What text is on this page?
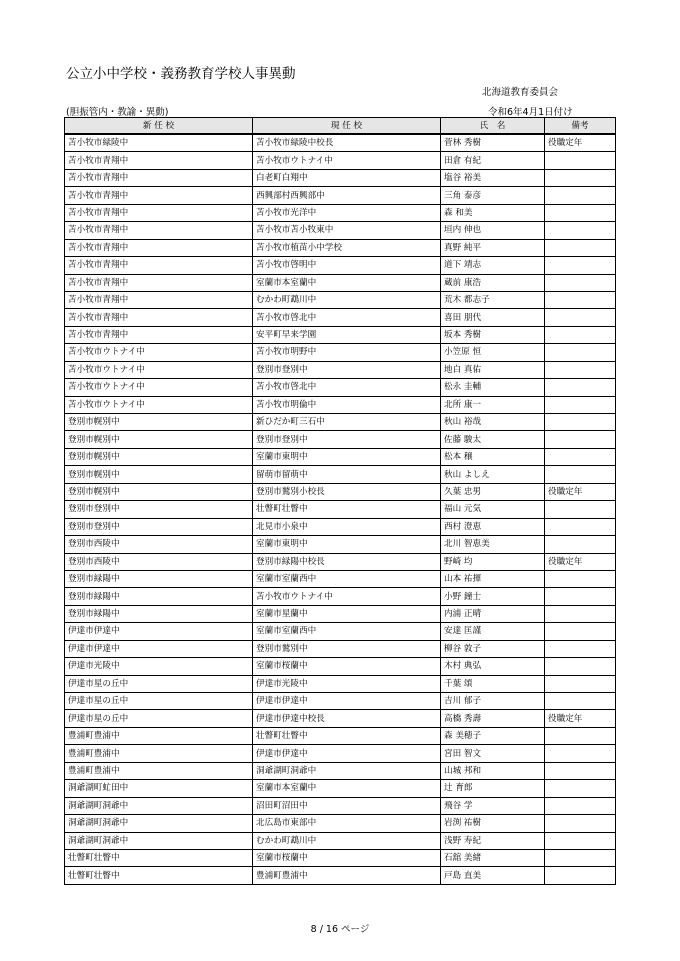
公立小中学校・義務教育学校人事異動
北海道教育委員会
(胆振管内・教諭・異動)	令和6年4月1日付け
新 任 校	現 任 校	氏　名	備考
苫小牧市緑陵中	苫小牧市緑陵中校長	菅林 秀樹	役職定年
苫小牧市青翔中	苫小牧市ウトナイ中	田倉 有紀	
苫小牧市青翔中	白老町白翔中	塩谷 裕美	
苫小牧市青翔中	西興部村西興部中	三角 泰彦	
苫小牧市青翔中	苫小牧市光洋中	森 和美	
苫小牧市青翔中	苫小牧市苫小牧東中	垣内 伸也	
苫小牧市青翔中	苫小牧市植苗小中学校	真野 純平	
苫小牧市青翔中	苫小牧市啓明中	道下 靖志	
苫小牧市青翔中	室蘭市本室蘭中	蔵前 康浩	
苫小牧市青翔中	むかわ町鵡川中	荒木 都志子	
苫小牧市青翔中	苫小牧市啓北中	喜田 朋代	
苫小牧市青翔中	安平町早来学園	坂本 秀樹	
苫小牧市ウトナイ中	苫小牧市明野中	小笠原 恒	
苫小牧市ウトナイ中	登別市登別中	地白 真佑	
苫小牧市ウトナイ中	苫小牧市啓北中	松永 圭輔	
苫小牧市ウトナイ中	苫小牧市明倫中	北所 康一	
登別市幌別中	新ひだか町三石中	秋山 裕哉	
登別市幌別中	登別市登別中	佐藤 駿太	
登別市幌別中	室蘭市東明中	松本 穣	
登別市幌別中	留萌市留萌中	秋山 よしえ	
登別市幌別中	登別市鷲別小校長	久葉 忠男	役職定年
登別市登別中	壮瞥町壮瞥中	福山 元気	
登別市登別中	北見市小泉中	西村 澄恵	
登別市西陵中	室蘭市東明中	北川 智恵美	
登別市西陵中	登別市緑陽中校長	野崎 均	役職定年
登別市緑陽中	室蘭市室蘭西中	山本 祐揮	
登別市緑陽中	苫小牧市ウトナイ中	小野 鐘士	
登別市緑陽中	室蘭市星蘭中	内浦 正晴	
伊達市伊達中	室蘭市室蘭西中	安達 匡謹	
伊達市伊達中	登別市鷲別中	柳谷 敦子	
伊達市光陵中	室蘭市桜蘭中	木村 典弘	
伊達市星の丘中	伊達市光陵中	千葉 頌	
伊達市星の丘中	伊達市伊達中	吉川 郁子	
伊達市星の丘中	伊達市伊達中校長	高橋 秀壽	役職定年
豊浦町豊浦中	壮瞥町壮瞥中	森 美穂子	
豊浦町豊浦中	伊達市伊達中	宮田 智文	
豊浦町豊浦中	洞爺湖町洞爺中	山城 邦和	
洞爺湖町虻田中	室蘭市本室蘭中	辻 育郎	
洞爺湖町洞爺中	沼田町沼田中	飛谷 学	
洞爺湖町洞爺中	北広島市東部中	岩渕 祐樹	
洞爺湖町洞爺中	むかわ町鵡川中	浅野 寿紀	
壮瞥町壮瞥中	室蘭市桜蘭中	石舘 美緒	
壮瞥町壮瞥中	豊浦町豊浦中	戸島 直美	
8 / 16 ページ
